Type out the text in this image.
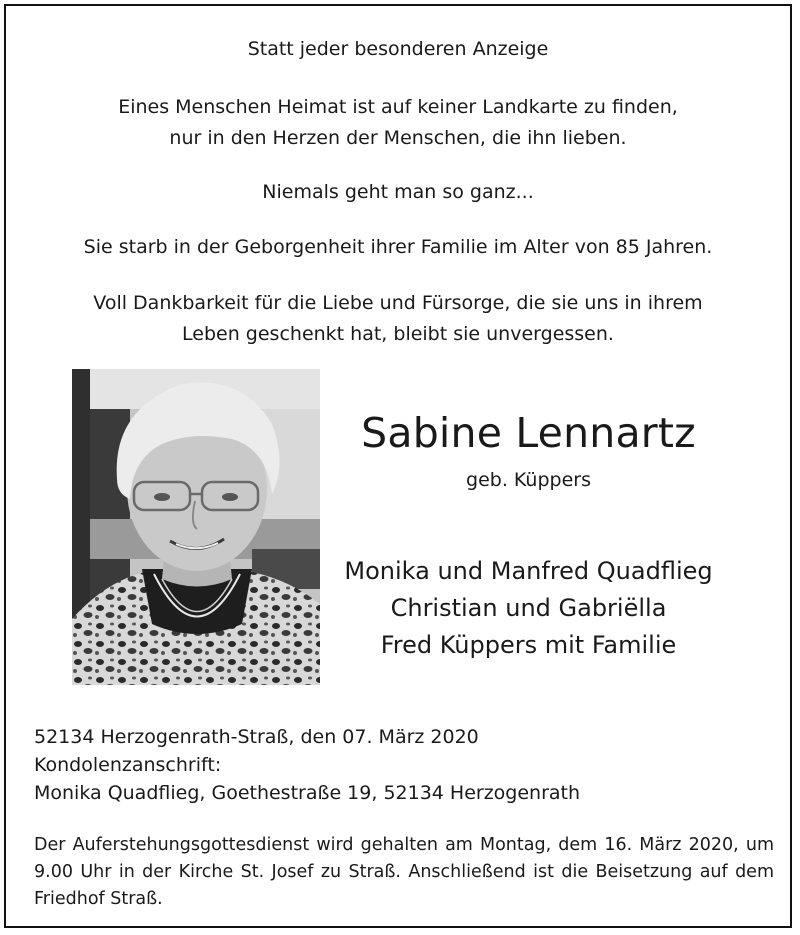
Statt jeder besonderen Anzeige
Eines Menschen Heimat ist auf keiner Landkarte zu finden,
nur in den Herzen der Menschen, die ihn lieben.
Niemals geht man so ganz...
Sie starb in der Geborgenheit ihrer Familie im Alter von 85 Jahren.
Voll Dankbarkeit für die Liebe und Fürsorge, die sie uns in ihrem
Leben geschenkt hat, bleibt sie unvergessen.
Sabine Lennartz
geb. Küppers
Monika und Manfred Quadflieg
Christian und Gabriëlla
Fred Küppers mit Familie
52134 Herzogenrath-Straß, den 07. März 2020
Kondolenzanschrift:
Monika Quadflieg, Goethestraße 19, 52134 Herzogenrath
Der Auferstehungsgottesdienst wird gehalten am Montag, dem 16. März 2020, um 9.00 Uhr in der Kirche St. Josef zu Straß. Anschließend ist die Beisetzung auf dem Friedhof Straß.
